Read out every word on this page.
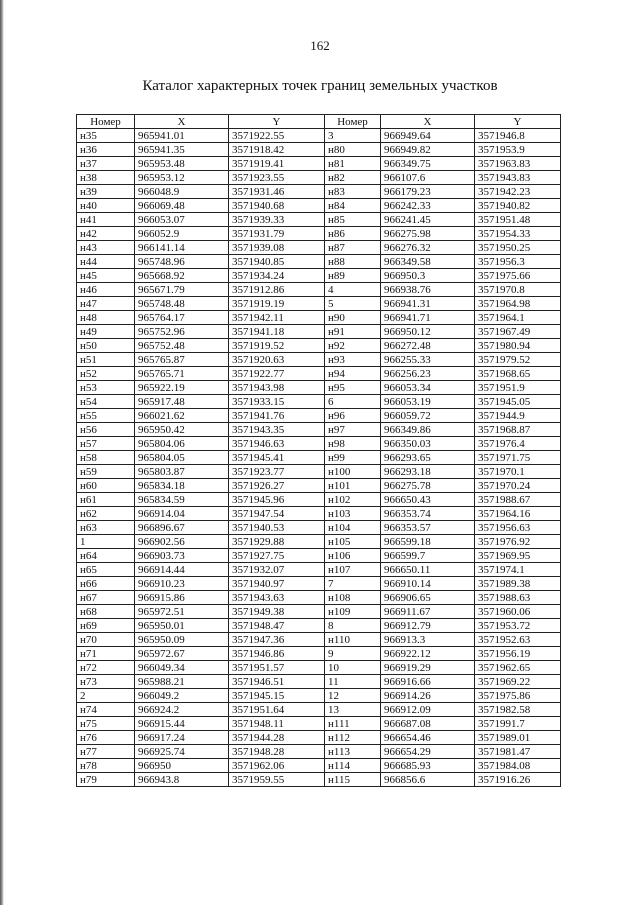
162
Каталог характерных точек границ земельных участков
Номер	X	Y	Номер	X	Y
н35	965941.01	3571922.55	3	966949.64	3571946.8
н36	965941.35	3571918.42	н80	966949.82	3571953.9
н37	965953.48	3571919.41	н81	966349.75	3571963.83
н38	965953.12	3571923.55	н82	966107.6	3571943.83
н39	966048.9	3571931.46	н83	966179.23	3571942.23
н40	966069.48	3571940.68	н84	966242.33	3571940.82
н41	966053.07	3571939.33	н85	966241.45	3571951.48
н42	966052.9	3571931.79	н86	966275.98	3571954.33
н43	966141.14	3571939.08	н87	966276.32	3571950.25
н44	965748.96	3571940.85	н88	966349.58	3571956.3
н45	965668.92	3571934.24	н89	966950.3	3571975.66
н46	965671.79	3571912.86	4	966938.76	3571970.8
н47	965748.48	3571919.19	5	966941.31	3571964.98
н48	965764.17	3571942.11	н90	966941.71	3571964.1
н49	965752.96	3571941.18	н91	966950.12	3571967.49
н50	965752.48	3571919.52	н92	966272.48	3571980.94
н51	965765.87	3571920.63	н93	966255.33	3571979.52
н52	965765.71	3571922.77	н94	966256.23	3571968.65
н53	965922.19	3571943.98	н95	966053.34	3571951.9
н54	965917.48	3571933.15	6	966053.19	3571945.05
н55	966021.62	3571941.76	н96	966059.72	3571944.9
н56	965950.42	3571943.35	н97	966349.86	3571968.87
н57	965804.06	3571946.63	н98	966350.03	3571976.4
н58	965804.05	3571945.41	н99	966293.65	3571971.75
н59	965803.87	3571923.77	н100	966293.18	3571970.1
н60	965834.18	3571926.27	н101	966275.78	3571970.24
н61	965834.59	3571945.96	н102	966650.43	3571988.67
н62	966914.04	3571947.54	н103	966353.74	3571964.16
н63	966896.67	3571940.53	н104	966353.57	3571956.63
1	966902.56	3571929.88	н105	966599.18	3571976.92
н64	966903.73	3571927.75	н106	966599.7	3571969.95
н65	966914.44	3571932.07	н107	966650.11	3571974.1
н66	966910.23	3571940.97	7	966910.14	3571989.38
н67	966915.86	3571943.63	н108	966906.65	3571988.63
н68	965972.51	3571949.38	н109	966911.67	3571960.06
н69	965950.01	3571948.47	8	966912.79	3571953.72
н70	965950.09	3571947.36	н110	966913.3	3571952.63
н71	965972.67	3571946.86	9	966922.12	3571956.19
н72	966049.34	3571951.57	10	966919.29	3571962.65
н73	965988.21	3571946.51	11	966916.66	3571969.22
2	966049.2	3571945.15	12	966914.26	3571975.86
н74	966924.2	3571951.64	13	966912.09	3571982.58
н75	966915.44	3571948.11	н111	966687.08	3571991.7
н76	966917.24	3571944.28	н112	966654.46	3571989.01
н77	966925.74	3571948.28	н113	966654.29	3571981.47
н78	966950	3571962.06	н114	966685.93	3571984.08
н79	966943.8	3571959.55	н115	966856.6	3571916.26
